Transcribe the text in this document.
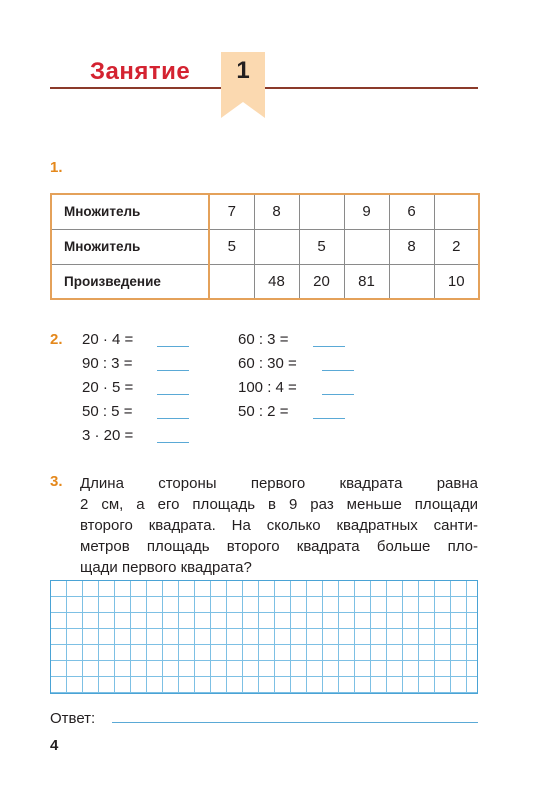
Занятие	1
1.
Множитель	7	8		9	6	
Множитель	5		5		8	2
Произведение		48	20	81		10
2. 20 · 4 =
90 : 3 =
20 · 5 =
50 : 5 =
3 · 20 =
60 : 3 =
60 : 30 =
100 : 4 =
50 : 2 =
3. Длина стороны первого квадрата равна
2 см, а его площадь в 9 раз меньше площади
второго квадрата. На сколько квадратных санти-
метров площадь второго квадрата больше пло-
щади первого квадрата?
Ответ:
4
